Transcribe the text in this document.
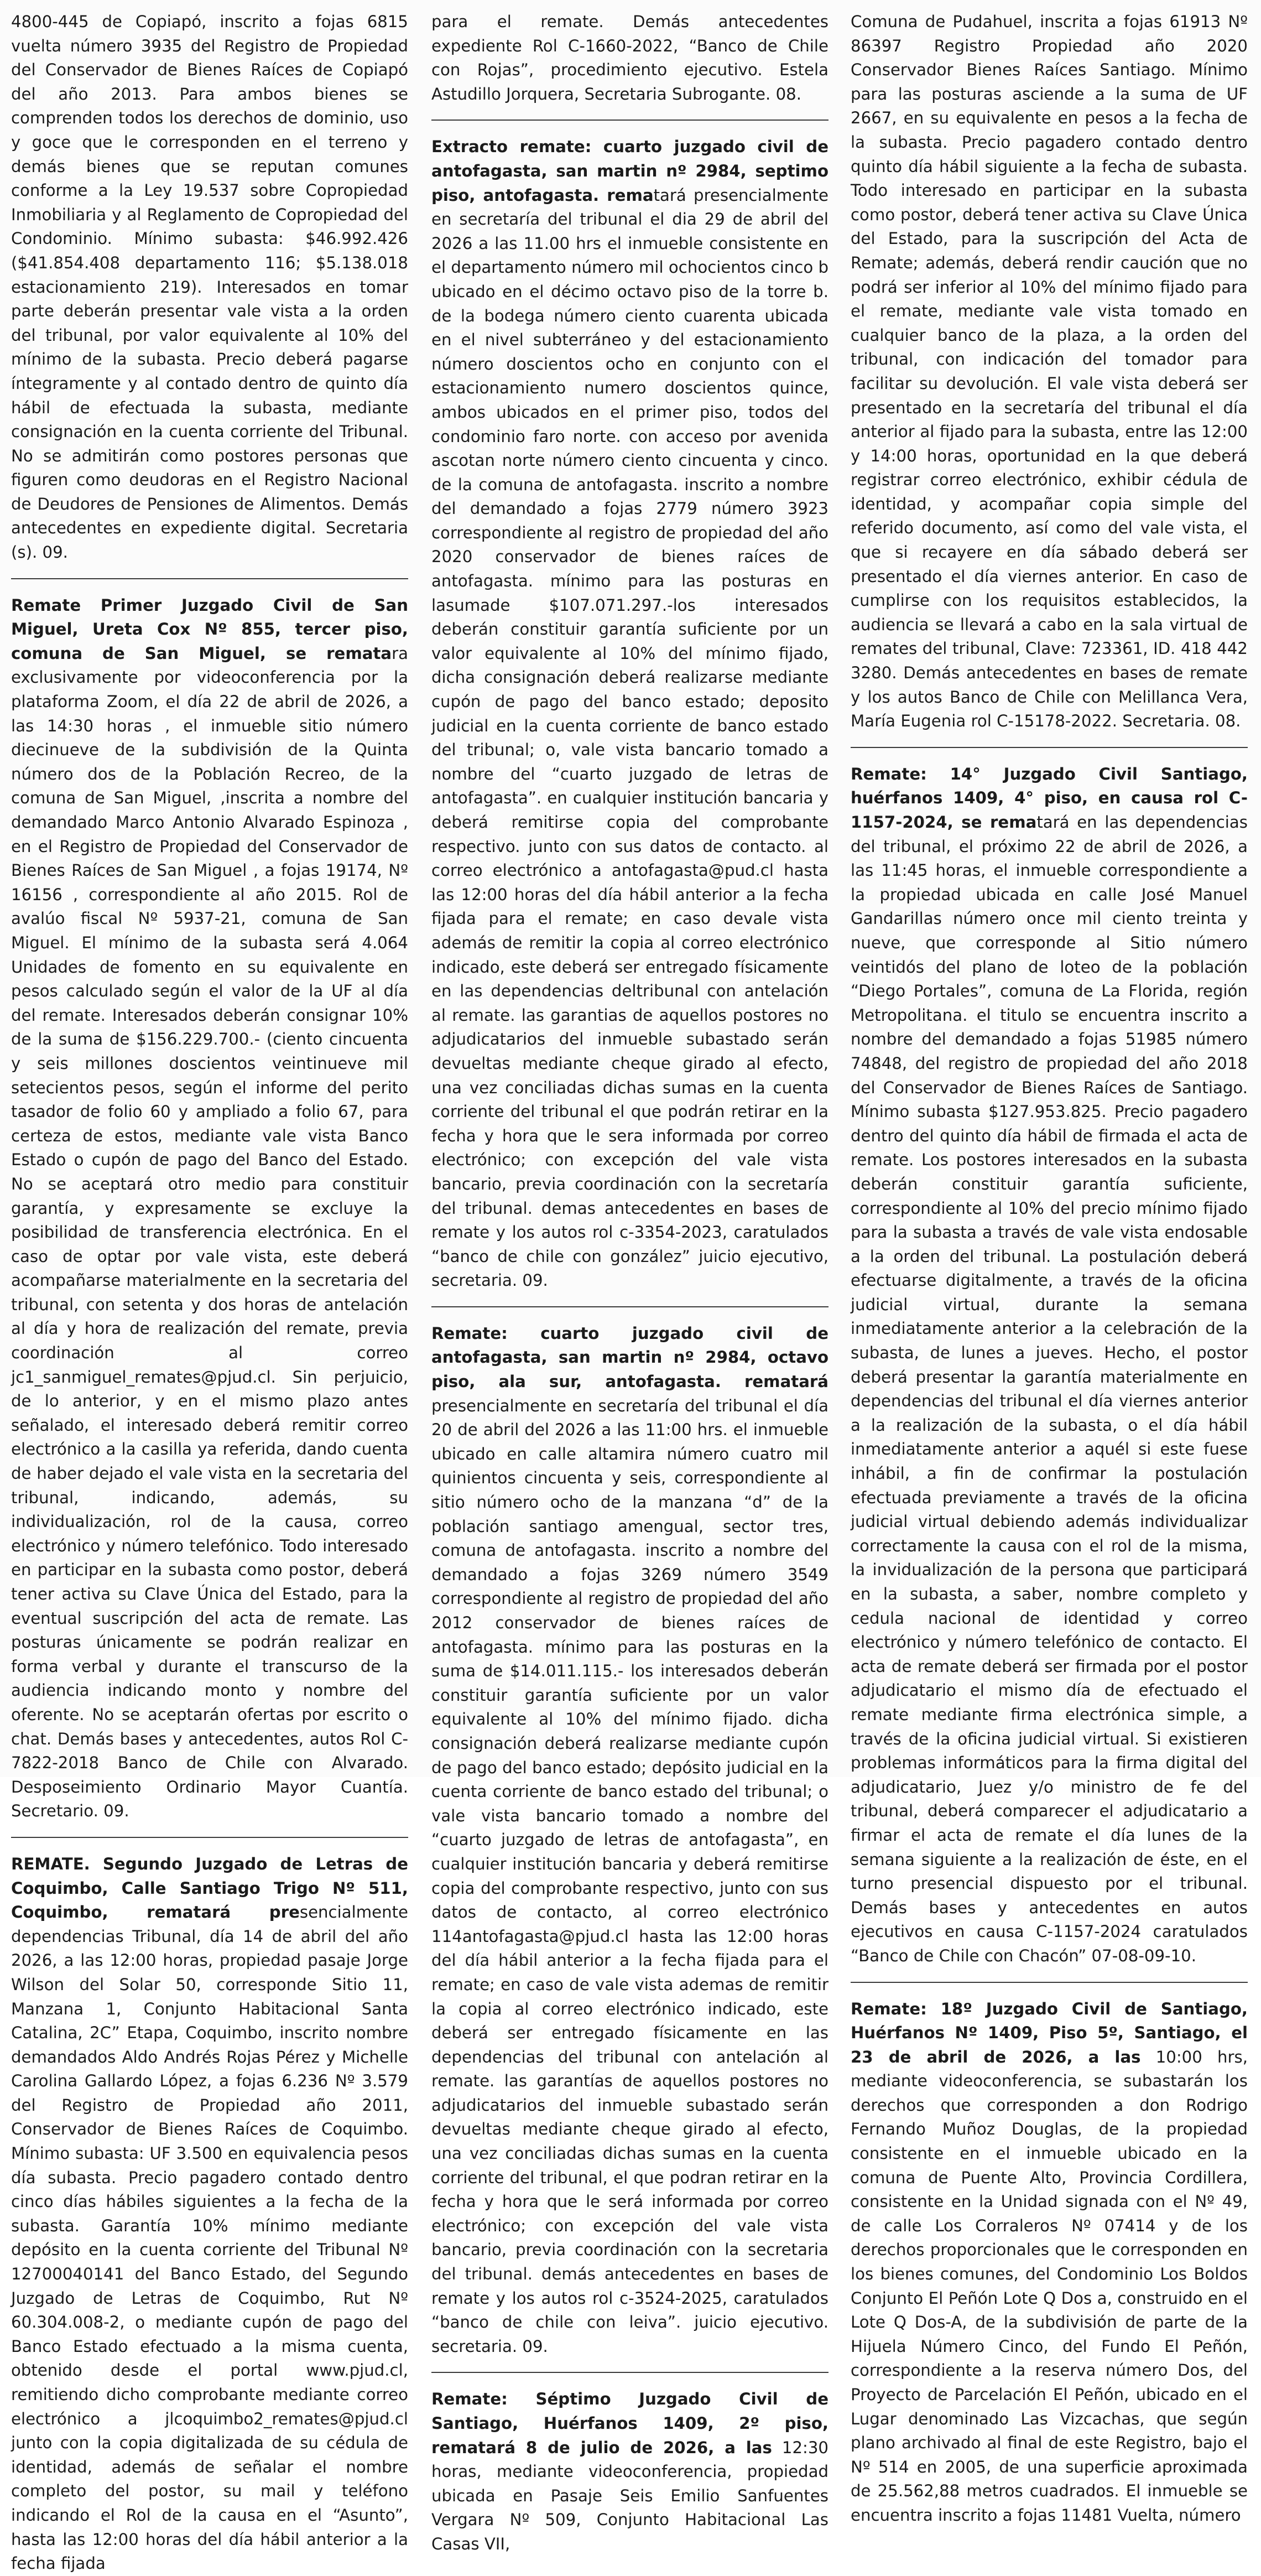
4800-445 de Copiapó, inscrito a fojas 6815 vuelta número 3935 del Registro de Propiedad del Conservador de Bienes Raíces de Copiapó del año 2013. Para ambos bienes se comprenden todos los derechos de dominio, uso y goce que le corresponden en el terreno y demás bienes que se reputan comunes conforme a la Ley 19.537 sobre Copropiedad Inmobiliaria y al Reglamento de Copropiedad del Condominio. Mínimo subasta: $46.992.426 ($41.854.408 departamento 116; $5.138.018 estacionamiento 219). Interesados en tomar parte deberán presentar vale vista a la orden del tribunal, por valor equivalente al 10% del mínimo de la subasta. Precio deberá pagarse íntegramente y al contado dentro de quinto día hábil de efectuada la subasta, mediante consignación en la cuenta corriente del Tribunal. No se admitirán como postores personas que figuren como deudoras en el Registro Nacional de Deudores de Pensiones de Alimentos. Demás antecedentes en expediente digital. Secretaria (s). 09.

Remate Primer Juzgado Civil de San Miguel, Ureta Cox Nº 855, tercer piso, comuna de San Miguel, se rematara exclusivamente por videoconferencia por la plataforma Zoom, el día 22 de abril de 2026, a las 14:30 horas , el inmueble sitio número diecinueve de la subdivisión de la Quinta número dos de la Población Recreo, de la comuna de San Miguel, ,inscrita a nombre del demandado Marco Antonio Alvarado Espinoza , en el Registro de Propiedad del Conservador de Bienes Raíces de San Miguel , a fojas 19174, Nº 16156 , correspondiente al año 2015. Rol de avalúo fiscal Nº 5937-21, comuna de San Miguel. El mínimo de la subasta será 4.064 Unidades de fomento en su equivalente en pesos calculado según el valor de la UF al día del remate. Interesados deberán consignar 10% de la suma de $156.229.700.- (ciento cincuenta y seis millones doscientos veintinueve mil setecientos pesos, según el informe del perito tasador de folio 60 y ampliado a folio 67, para certeza de estos, mediante vale vista Banco Estado o cupón de pago del Banco del Estado. No se aceptará otro medio para constituir garantía, y expresamente se excluye la posibilidad de transferencia electrónica. En el caso de optar por vale vista, este deberá acompañarse materialmente en la secretaria del tribunal, con setenta y dos horas de antelación al día y hora de realización del remate, previa coordinación al correo jc1_sanmiguel_remates@pjud.cl. Sin perjuicio, de lo anterior, y en el mismo plazo antes señalado, el interesado deberá remitir correo electrónico a la casilla ya referida, dando cuenta de haber dejado el vale vista en la secretaria del tribunal, indicando, además, su individualización, rol de la causa, correo electrónico y número telefónico. Todo interesado en participar en la subasta como postor, deberá tener activa su Clave Única del Estado, para la eventual suscripción del acta de remate. Las posturas únicamente se podrán realizar en forma verbal y durante el transcurso de la audiencia indicando monto y nombre del oferente. No se aceptarán ofertas por escrito o chat. Demás bases y antecedentes, autos Rol C-7822-2018 Banco de Chile con Alvarado. Desposeimiento Ordinario Mayor Cuantía. Secretario. 09.

REMATE. Segundo Juzgado de Letras de Coquimbo, Calle Santiago Trigo Nº 511, Coquimbo, rematará presencialmente dependencias Tribunal, día 14 de abril del año 2026, a las 12:00 horas, propiedad pasaje Jorge Wilson del Solar 50, corresponde Sitio 11, Manzana 1, Conjunto Habitacional Santa Catalina, 2C” Etapa, Coquimbo, inscrito nombre demandados Aldo Andrés Rojas Pérez y Michelle Carolina Gallardo López, a fojas 6.236 Nº 3.579 del Registro de Propiedad año 2011, Conservador de Bienes Raíces de Coquimbo. Mínimo subasta: UF 3.500 en equivalencia pesos día subasta. Precio pagadero contado dentro cinco días hábiles siguientes a la fecha de la subasta. Garantía 10% mínimo mediante depósito en la cuenta corriente del Tribunal Nº 12700040141 del Banco Estado, del Segundo Juzgado de Letras de Coquimbo, Rut Nº 60.304.008-2, o mediante cupón de pago del Banco Estado efectuado a la misma cuenta, obtenido desde el portal www.pjud.cl, remitiendo dicho comprobante mediante correo electrónico a jlcoquimbo2_remates@pjud.cl junto con la copia digitalizada de su cédula de identidad, además de señalar el nombre completo del postor, su mail y teléfono indicando el Rol de la causa en el “Asunto”, hasta las 12:00 horas del día hábil anterior a la fecha fijada

para el remate. Demás antecedentes expediente Rol C-1660-2022, “Banco de Chile con Rojas”, procedimiento ejecutivo. Estela Astudillo Jorquera, Secretaria Subrogante. 08.

Extracto remate: cuarto juzgado civil de antofagasta, san martin nº 2984, septimo piso, antofagasta. rematará presencialmente en secretaría del tribunal el dia 29 de abril del 2026 a las 11.00 hrs el inmueble consistente en el departamento número mil ochocientos cinco b ubicado en el décimo octavo piso de la torre b. de la bodega número ciento cuarenta ubicada en el nivel subterráneo y del estacionamiento número doscientos ocho en conjunto con el estacionamiento numero doscientos quince, ambos ubicados en el primer piso, todos del condominio faro norte. con acceso por avenida ascotan norte número ciento cincuenta y cinco. de la comuna de antofagasta. inscrito a nombre del demandado a fojas 2779 número 3923 correspondiente al registro de propiedad del año 2020 conservador de bienes raíces de antofagasta. mínimo para las posturas en lasumade $107.071.297.-los interesados deberán constituir garantía suficiente por un valor equivalente al 10% del mínimo fijado, dicha consignación deberá realizarse mediante cupón de pago del banco estado; deposito judicial en la cuenta corriente de banco estado del tribunal; o, vale vista bancario tomado a nombre del “cuarto juzgado de letras de antofagasta”. en cualquier institución bancaria y deberá remitirse copia del comprobante respectivo. junto con sus datos de contacto. al correo electrónico a antofagasta@pud.cl hasta las 12:00 horas del día hábil anterior a la fecha fijada para el remate; en caso devale vista además de remitir la copia al correo electrónico indicado, este deberá ser entregado físicamente en las dependencias deltribunal con antelación al remate. las garantias de aquellos postores no adjudicatarios del inmueble subastado serán devueltas mediante cheque girado al efecto, una vez conciliadas dichas sumas en la cuenta corriente del tribunal el que podrán retirar en la fecha y hora que le sera informada por correo electrónico; con excepción del vale vista bancario, previa coordinación con la secretaría del tribunal. demas antecedentes en bases de remate y los autos rol c-3354-2023, caratulados “banco de chile con gonzález” juicio ejecutivo, secretaria. 09.

Remate: cuarto juzgado civil de antofagasta, san martin nº 2984, octavo piso, ala sur, antofagasta. rematará presencialmente en secretaría del tribunal el día 20 de abril del 2026 a las 11:00 hrs. el inmueble ubicado en calle altamira número cuatro mil quinientos cincuenta y seis, correspondiente al sitio número ocho de la manzana “d” de la población santiago amengual, sector tres, comuna de antofagasta. inscrito a nombre del demandado a fojas 3269 número 3549 correspondiente al registro de propiedad del año 2012 conservador de bienes raíces de antofagasta. mínimo para las posturas en la suma de $14.011.115.- los interesados deberán constituir garantía suficiente por un valor equivalente al 10% del mínimo fijado. dicha consignación deberá realizarse mediante cupón de pago del banco estado; depósito judicial en la cuenta corriente de banco estado del tribunal; o vale vista bancario tomado a nombre del “cuarto juzgado de letras de antofagasta”, en cualquier institución bancaria y deberá remitirse copia del comprobante respectivo, junto con sus datos de contacto, al correo electrónico 114antofagasta@pjud.cl hasta las 12:00 horas del día hábil anterior a la fecha fijada para el remate; en caso de vale vista ademas de remitir la copia al correo electrónico indicado, este deberá ser entregado físicamente en las dependencias del tribunal con antelación al remate. las garantías de aquellos postores no adjudicatarios del inmueble subastado serán devueltas mediante cheque girado al efecto, una vez conciliadas dichas sumas en la cuenta corriente del tribunal, el que podran retirar en la fecha y hora que le será informada por correo electrónico; con excepción del vale vista bancario, previa coordinación con la secretaria del tribunal. demás antecedentes en bases de remate y los autos rol c-3524-2025, caratulados “banco de chile con leiva”. juicio ejecutivo. secretaria. 09.

Remate: Séptimo Juzgado Civil de Santiago, Huérfanos 1409, 2º piso, rematará 8 de julio de 2026, a las 12:30 horas, mediante videoconferencia, propiedad ubicada en Pasaje Seis Emilio Sanfuentes Vergara Nº 509, Conjunto Habitacional Las Casas VII,

Comuna de Pudahuel, inscrita a fojas 61913 Nº 86397 Registro Propiedad año 2020 Conservador Bienes Raíces Santiago. Mínimo para las posturas asciende a la suma de UF 2667, en su equivalente en pesos a la fecha de la subasta. Precio pagadero contado dentro quinto día hábil siguiente a la fecha de subasta. Todo interesado en participar en la subasta como postor, deberá tener activa su Clave Única del Estado, para la suscripción del Acta de Remate; además, deberá rendir caución que no podrá ser inferior al 10% del mínimo fijado para el remate, mediante vale vista tomado en cualquier banco de la plaza, a la orden del tribunal, con indicación del tomador para facilitar su devolución. El vale vista deberá ser presentado en la secretaría del tribunal el día anterior al fijado para la subasta, entre las 12:00 y 14:00 horas, oportunidad en la que deberá registrar correo electrónico, exhibir cédula de identidad, y acompañar copia simple del referido documento, así como del vale vista, el que si recayere en día sábado deberá ser presentado el día viernes anterior. En caso de cumplirse con los requisitos establecidos, la audiencia se llevará a cabo en la sala virtual de remates del tribunal, Clave: 723361, ID. 418 442 3280. Demás antecedentes en bases de remate y los autos Banco de Chile con Melillanca Vera, María Eugenia rol C-15178-2022. Secretaria. 08.

Remate: 14° Juzgado Civil Santiago, huérfanos 1409, 4° piso, en causa rol C-1157-2024, se rematará en las dependencias del tribunal, el próximo 22 de abril de 2026, a las 11:45 horas, el inmueble correspondiente a la propiedad ubicada en calle José Manuel Gandarillas número once mil ciento treinta y nueve, que corresponde al Sitio número veintidós del plano de loteo de la población “Diego Portales”, comuna de La Florida, región Metropolitana. el titulo se encuentra inscrito a nombre del demandado a fojas 51985 número 74848, del registro de propiedad del año 2018 del Conservador de Bienes Raíces de Santiago. Mínimo subasta $127.953.825. Precio pagadero dentro del quinto día hábil de firmada el acta de remate. Los postores interesados en la subasta deberán constituir garantía suficiente, correspondiente al 10% del precio mínimo fijado para la subasta a través de vale vista endosable a la orden del tribunal. La postulación deberá efectuarse digitalmente, a través de la oficina judicial virtual, durante la semana inmediatamente anterior a la celebración de la subasta, de lunes a jueves. Hecho, el postor deberá presentar la garantía materialmente en dependencias del tribunal el día viernes anterior a la realización de la subasta, o el día hábil inmediatamente anterior a aquél si este fuese inhábil, a fin de confirmar la postulación efectuada previamente a través de la oficina judicial virtual debiendo además individualizar correctamente la causa con el rol de la misma, la invidualización de la persona que participará en la subasta, a saber, nombre completo y cedula nacional de identidad y correo electrónico y número telefónico de contacto. El acta de remate deberá ser firmada por el postor adjudicatario el mismo día de efectuado el remate mediante firma electrónica simple, a través de la oficina judicial virtual. Si existieren problemas informáticos para la firma digital del adjudicatario, Juez y/o ministro de fe del tribunal, deberá comparecer el adjudicatario a firmar el acta de remate el día lunes de la semana siguiente a la realización de éste, en el turno presencial dispuesto por el tribunal. Demás bases y antecedentes en autos ejecutivos en causa C-1157-2024 caratulados “Banco de Chile con Chacón” 07-08-09-10.

Remate: 18º Juzgado Civil de Santiago, Huérfanos Nº 1409, Piso 5º, Santiago, el 23 de abril de 2026, a las 10:00 hrs, mediante videoconferencia, se subastarán los derechos que corresponden a don Rodrigo Fernando Muñoz Douglas, de la propiedad consistente en el inmueble ubicado en la comuna de Puente Alto, Provincia Cordillera, consistente en la Unidad signada con el Nº 49, de calle Los Corraleros Nº 07414 y de los derechos proporcionales que le corresponden en los bienes comunes, del Condominio Los Boldos Conjunto El Peñón Lote Q Dos a, construido en el Lote Q Dos-A, de la subdivisión de parte de la Hijuela Número Cinco, del Fundo El Peñón, correspondiente a la reserva número Dos, del Proyecto de Parcelación El Peñón, ubicado en el Lugar denominado Las Vizcachas, que según plano archivado al final de este Registro, bajo el Nº 514 en 2005, de una superficie aproximada de 25.562,88 metros cuadrados. El inmueble se encuentra inscrito a fojas 11481 Vuelta, número
